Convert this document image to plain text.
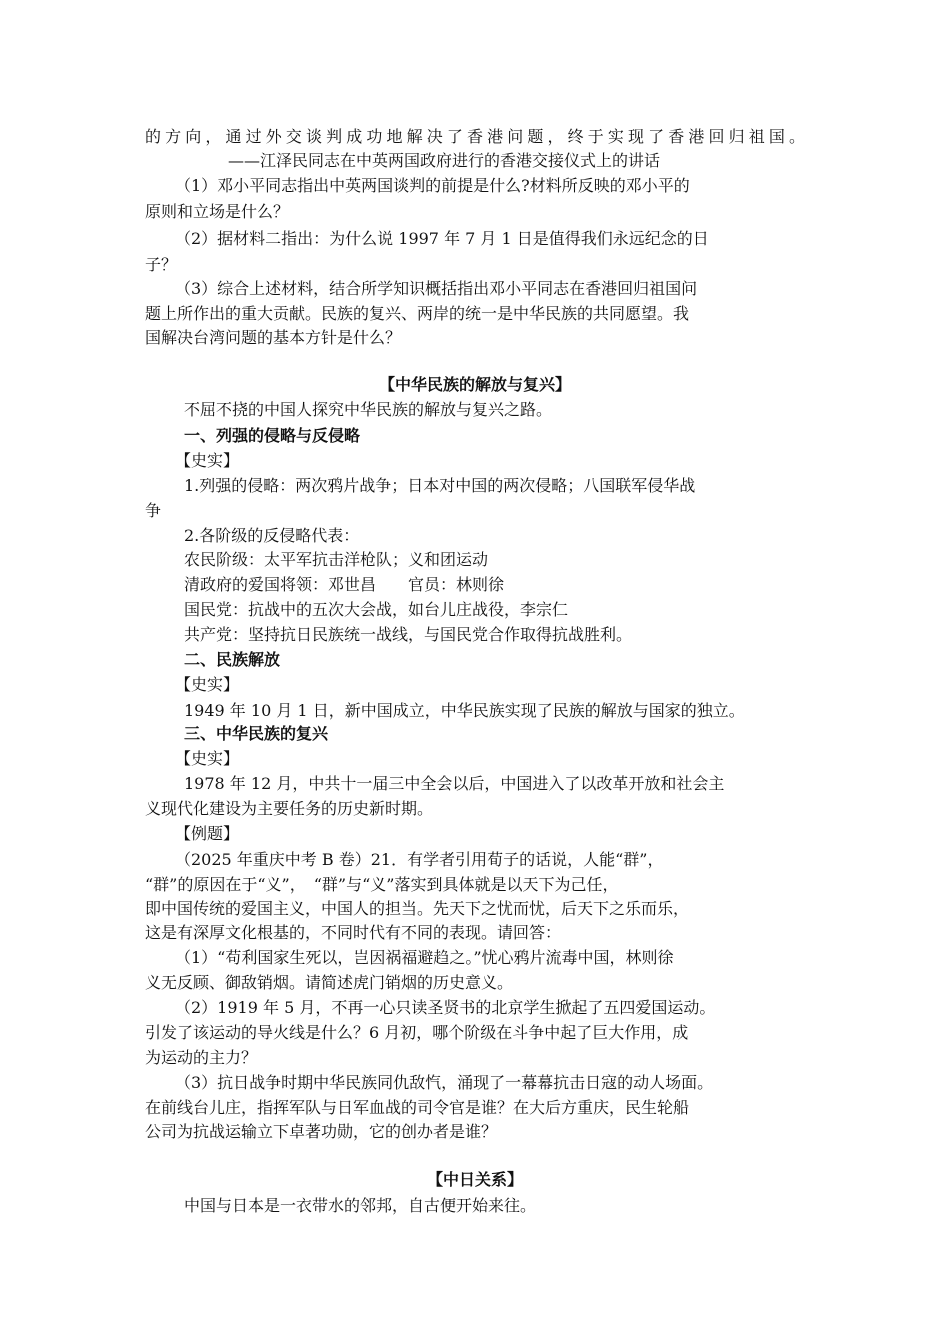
的方向，通过外交谈判成功地解决了香港问题，终于实现了香港回归祖国。
——江泽民同志在中英两国政府进行的香港交接仪式上的讲话
（1）邓小平同志指出中英两国谈判的前提是什么?材料所反映的邓小平的
原则和立场是什么？
（2）据材料二指出：为什么说 1997 年 7 月 1 日是值得我们永远纪念的日
子？
（3）综合上述材料，结合所学知识概括指出邓小平同志在香港回归祖国问
题上所作出的重大贡献。民族的复兴、两岸的统一是中华民族的共同愿望。我
国解决台湾问题的基本方针是什么？
【中华民族的解放与复兴】
不屈不挠的中国人探究中华民族的解放与复兴之路。
一、列强的侵略与反侵略
【史实】
1.列强的侵略：两次鸦片战争；日本对中国的两次侵略；八国联军侵华战
争
2.各阶级的反侵略代表：
农民阶级：太平军抗击洋枪队；义和团运动
清政府的爱国将领：邓世昌　　官员：林则徐
国民党：抗战中的五次大会战，如台儿庄战役，李宗仁
共产党：坚持抗日民族统一战线，与国民党合作取得抗战胜利。
二、民族解放
【史实】
1949 年 10 月 1 日，新中国成立，中华民族实现了民族的解放与国家的独立。
三、中华民族的复兴
【史实】
1978 年 12 月，中共十一届三中全会以后，中国进入了以改革开放和社会主
义现代化建设为主要任务的历史新时期。
【例题】
（2025 年重庆中考 B 卷）21．有学者引用荀子的话说，人能“群”，
“群”的原因在于“义”，　“群”与“义”落实到具体就是以天下为己任，
即中国传统的爱国主义，中国人的担当。先天下之忧而忧，后天下之乐而乐，
这是有深厚文化根基的，不同时代有不同的表现。请回答：
（1）“苟利国家生死以，岂因祸福避趋之。”忧心鸦片流毒中国，林则徐
义无反顾、御敌销烟。请简述虎门销烟的历史意义。
（2）1919 年 5 月，不再一心只读圣贤书的北京学生掀起了五四爱国运动。
引发了该运动的导火线是什么？6 月初，哪个阶级在斗争中起了巨大作用，成
为运动的主力？
（3）抗日战争时期中华民族同仇敌忾，涌现了一幕幕抗击日寇的动人场面。
在前线台儿庄，指挥军队与日军血战的司令官是谁？在大后方重庆，民生轮船
公司为抗战运输立下卓著功勋，它的创办者是谁？
【中日关系】
中国与日本是一衣带水的邻邦，自古便开始来往。
